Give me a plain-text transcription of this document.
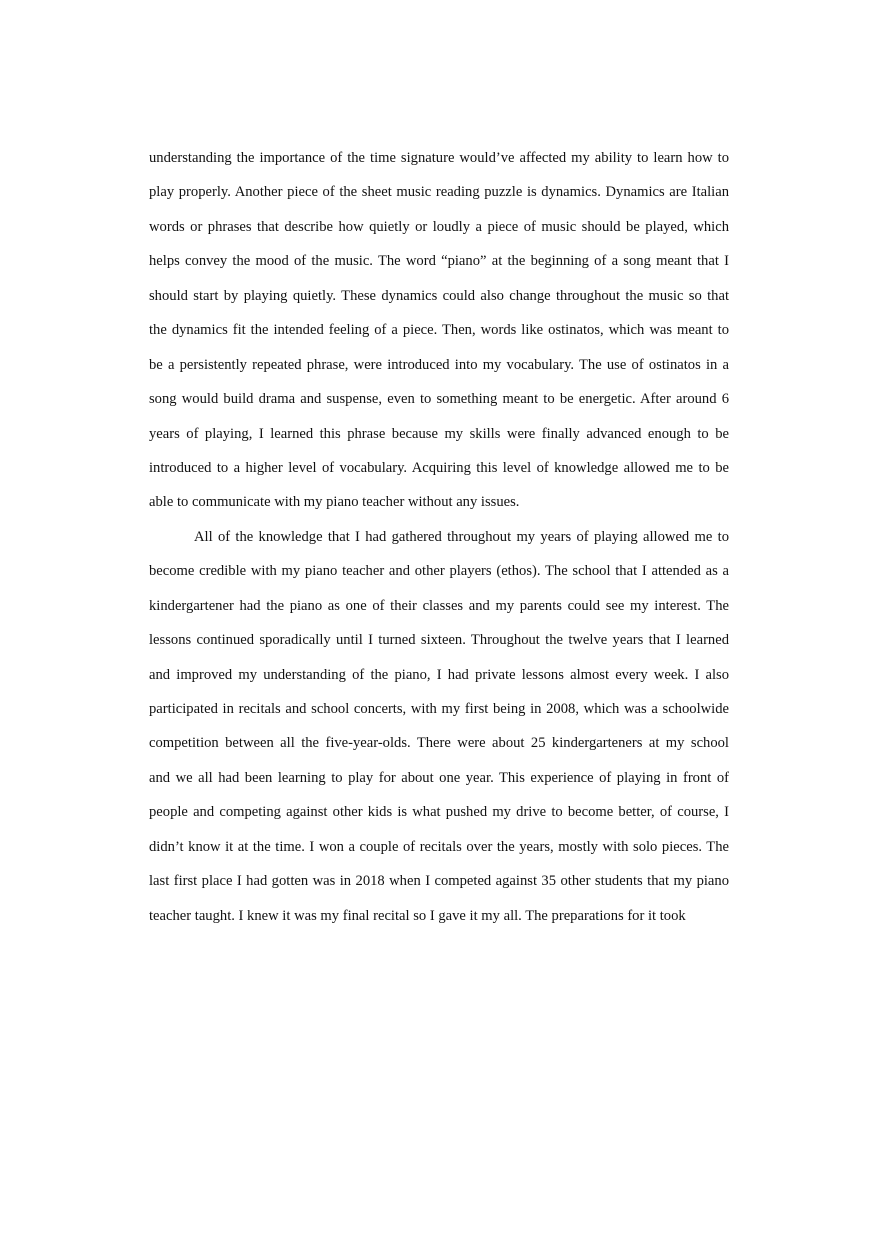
understanding the importance of the time signature would’ve affected my ability to learn how to
play properly. Another piece of the sheet music reading puzzle is dynamics. Dynamics are Italian
words or phrases that describe how quietly or loudly a piece of music should be played, which
helps convey the mood of the music. The word “piano” at the beginning of a song meant that I
should start by playing quietly. These dynamics could also change throughout the music so that
the dynamics fit the intended feeling of a piece. Then, words like ostinatos, which was meant to
be a persistently repeated phrase, were introduced into my vocabulary. The use of ostinatos in a
song would build drama and suspense, even to something meant to be energetic. After around 6
years of playing, I learned this phrase because my skills were finally advanced enough to be
introduced to a higher level of vocabulary. Acquiring this level of knowledge allowed me to be
able to communicate with my piano teacher without any issues.
All of the knowledge that I had gathered throughout my years of playing allowed me to
become credible with my piano teacher and other players (ethos). The school that I attended as a
kindergartener had the piano as one of their classes and my parents could see my interest. The
lessons continued sporadically until I turned sixteen. Throughout the twelve years that I learned
and improved my understanding of the piano, I had private lessons almost every week. I also
participated in recitals and school concerts, with my first being in 2008, which was a schoolwide
competition between all the five-year-olds. There were about 25 kindergarteners at my school
and we all had been learning to play for about one year. This experience of playing in front of
people and competing against other kids is what pushed my drive to become better, of course, I
didn’t know it at the time. I won a couple of recitals over the years, mostly with solo pieces. The
last first place I had gotten was in 2018 when I competed against 35 other students that my piano
teacher taught. I knew it was my final recital so I gave it my all. The preparations for it took
